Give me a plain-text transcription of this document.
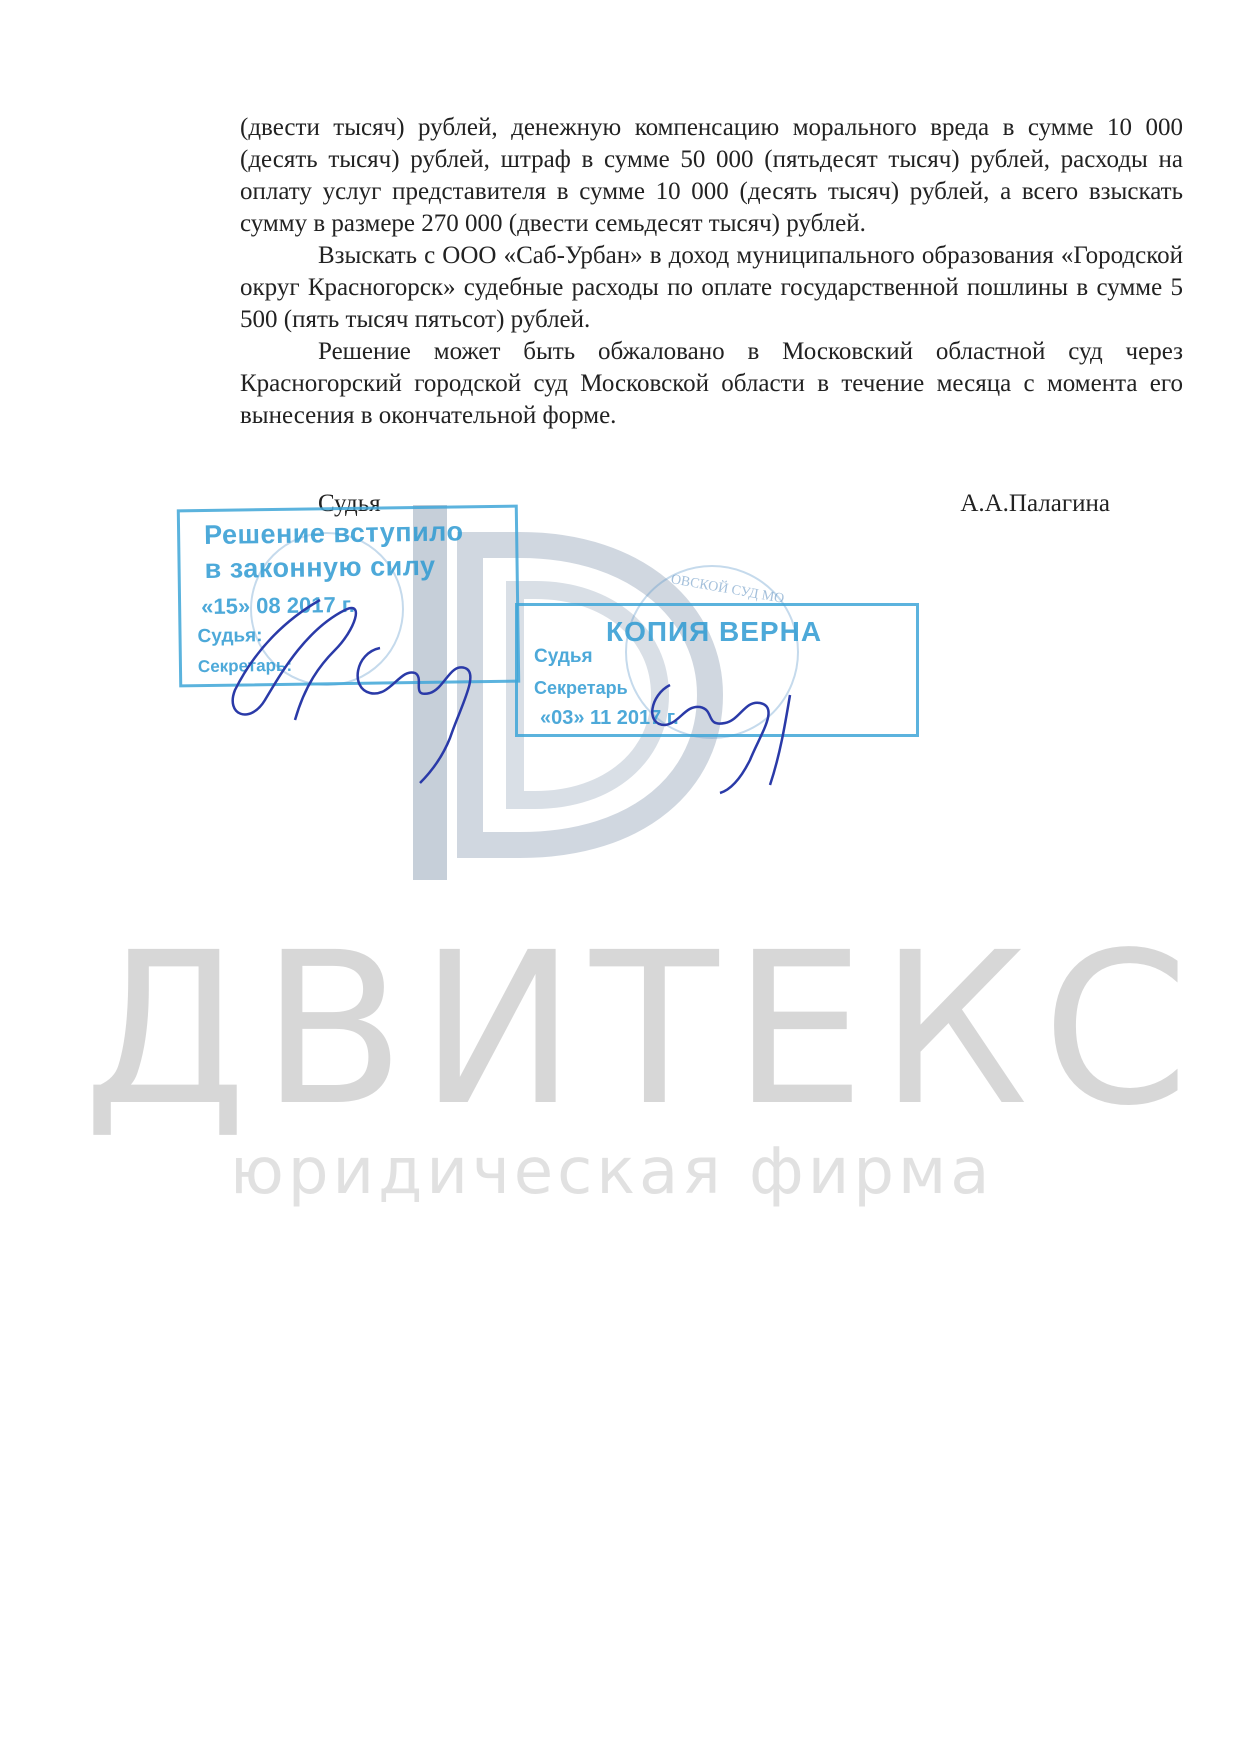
ДВИТЕКС
юридическая фирма

(двести тысяч) рублей, денежную компенсацию морального вреда в сумме 10 000 (десять тысяч) рублей, штраф в сумме 50 000 (пятьдесят тысяч) рублей, расходы на оплату услуг представителя в сумме 10 000 (десять тысяч) рублей, а всего взыскать сумму в размере 270 000 (двести семьдесят тысяч) рублей.

Взыскать с ООО «Саб-Урбан» в доход муниципального образования «Городской округ Красногорск» судебные расходы по оплате государственной пошлины в сумме 5 500 (пять тысяч пятьсот) рублей.

Решение может быть обжаловано в Московский областной суд через Красногорский городской суд Московской области в течение месяца с момента его вынесения в окончательной форме.

Судья	А.А.Палагина
ОВСКОЙ СУД МО
Решение вступило
в законную силу
«15» 08 2017 г.
Судья:
Секретарь:
КОПИЯ ВЕРНА
Судья
Секретарь
«03» 11 2017 г.
